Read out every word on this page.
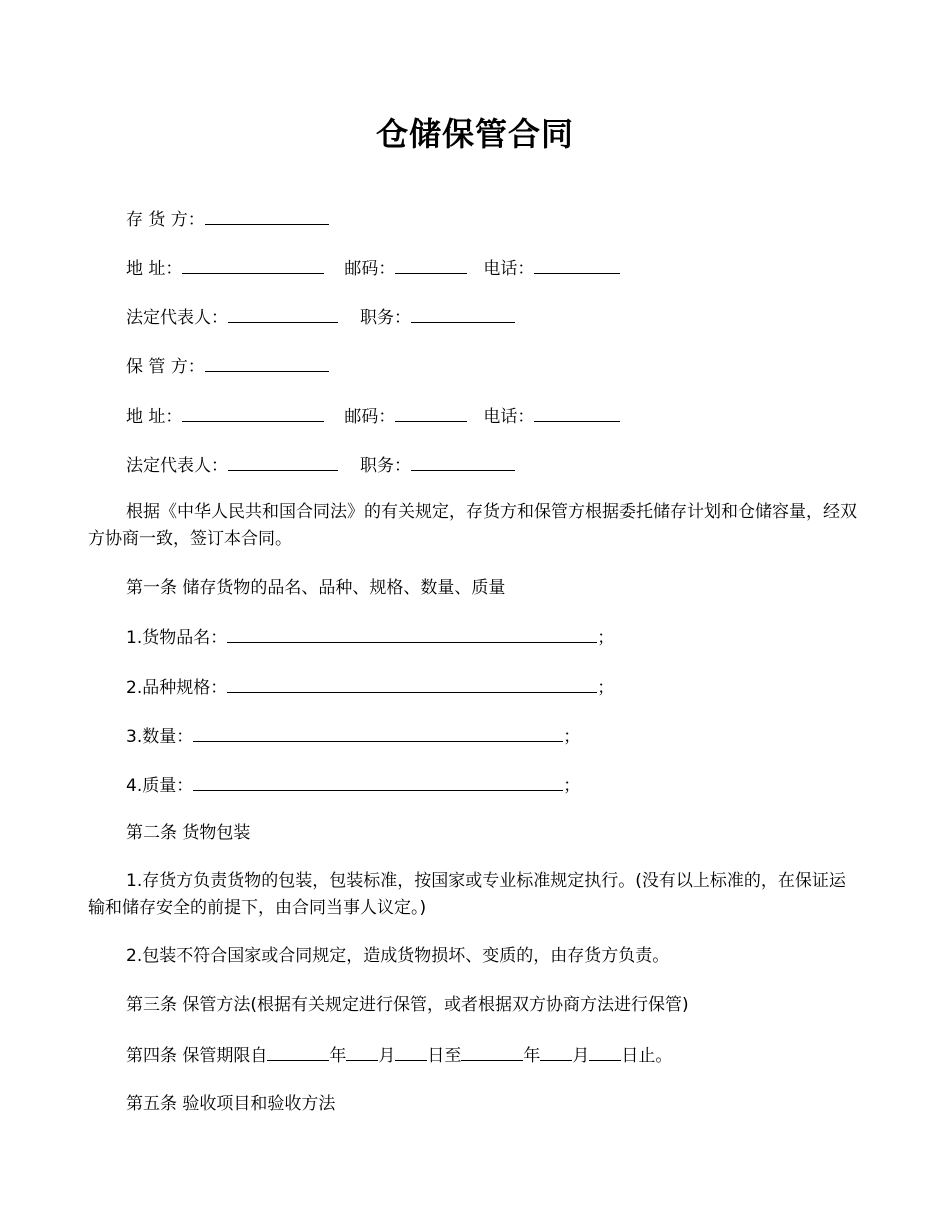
仓储保管合同
存 货 方：
地 址：	邮码：	电话：
法定代表人：	职务：
保 管 方：
地 址：	邮码：	电话：
法定代表人：	职务：
根据《中华人民共和国合同法》的有关规定，存货方和保管方根据委托储存计划和仓储容量，经双方协商一致，签订本合同。
第一条 储存货物的品名、品种、规格、数量、质量
1.货物品名：	；
2.品种规格：	；
3.数量：	；
4.质量：	；
第二条 货物包装
1.存货方负责货物的包装，包装标准，按国家或专业标准规定执行。(没有以上标准的，在保证运输和储存安全的前提下，由合同当事人议定。)
2.包装不符合国家或合同规定，造成货物损坏、变质的，由存货方负责。
第三条 保管方法(根据有关规定进行保管，或者根据双方协商方法进行保管)
第四条 保管期限自	年 月 日至	年 月 日止。
第五条 验收项目和验收方法
